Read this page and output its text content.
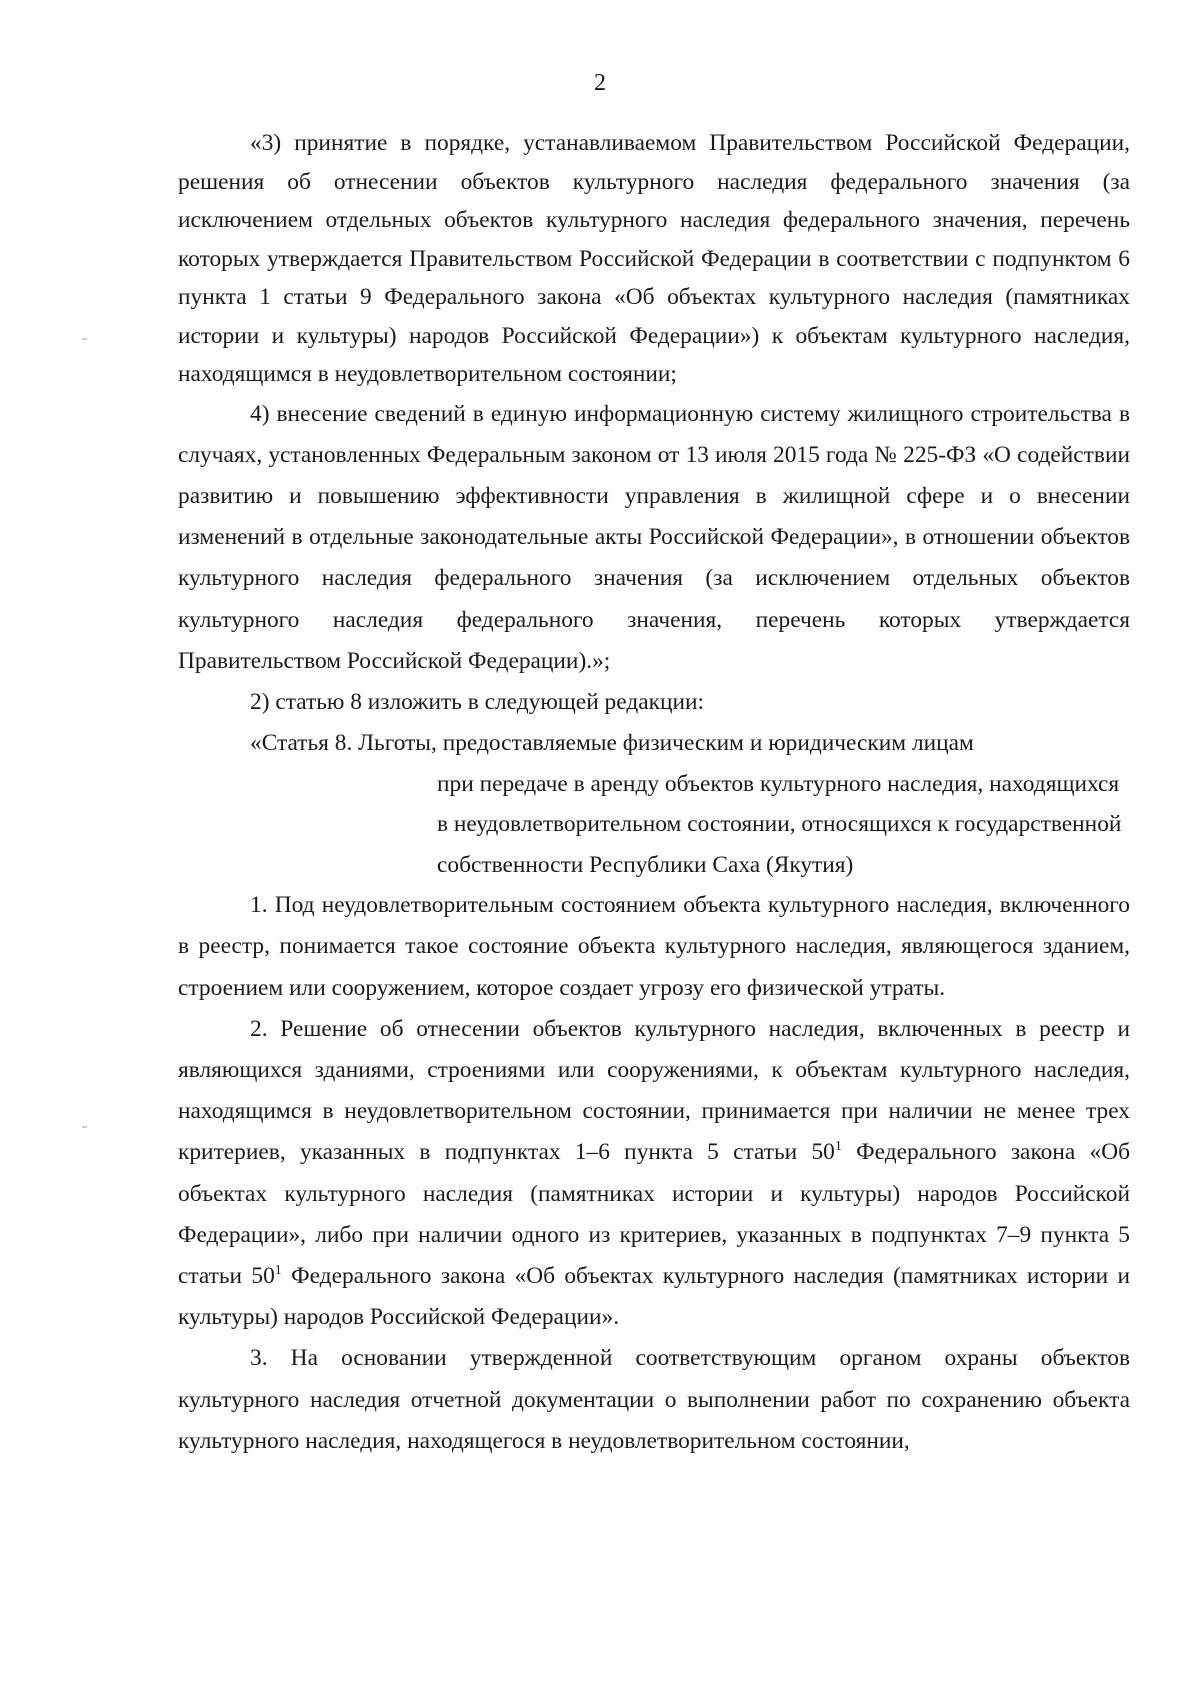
2

«3) принятие в порядке, устанавливаемом Правительством Российской Федерации, решения об отнесении объектов культурного наследия федерального значения (за исключением отдельных объектов культурного наследия федерального значения, перечень которых утверждается Правительством Российской Федерации в соответствии с подпунктом 6 пункта 1 статьи 9 Федерального закона «Об объектах культурного наследия (памятниках истории и культуры) народов Российской Федерации») к объектам культурного наследия, находящимся в неудовлетворительном состоянии;

4) внесение сведений в единую информационную систему жилищного строительства в случаях, установленных Федеральным законом от 13 июля 2015 года № 225-ФЗ «О содействии развитию и повышению эффективности управления в жилищной сфере и о внесении изменений в отдельные законодательные акты Российской Федерации», в отношении объектов культурного наследия федерального значения (за исключением отдельных объектов культурного наследия федерального значения, перечень которых утверждается Правительством Российской Федерации).»;

2) статью 8 изложить в следующей редакции:

«Статья 8. Льготы, предоставляемые физическим и юридическим лицам

при передаче в аренду объектов культурного наследия, находящихся

в неудовлетворительном состоянии, относящихся к государственной

собственности Республики Саха (Якутия)

1. Под неудовлетворительным состоянием объекта культурного наследия, включенного в реестр, понимается такое состояние объекта культурного наследия, являющегося зданием, строением или сооружением, которое создает угрозу его физической утраты.

2. Решение об отнесении объектов культурного наследия, включенных в реестр и являющихся зданиями, строениями или сооружениями, к объектам культурного наследия, находящимся в неудовлетворительном состоянии, принимается при наличии не менее трех критериев, указанных в подпунктах 1–6 пункта 5 статьи $50^1$ Федерального закона «Об объектах культурного наследия (памятниках истории и культуры) народов Российской Федерации», либо при наличии одного из критериев, указанных в подпунктах 7–9 пункта 5 статьи $50^1$ Федерального закона «Об объектах культурного наследия (памятниках истории и культуры) народов Российской Федерации».

3. На основании утвержденной соответствующим органом охраны объектов культурного наследия отчетной документации о выполнении работ по сохранению объекта культурного наследия, находящегося в неудовлетворительном состоянии,
